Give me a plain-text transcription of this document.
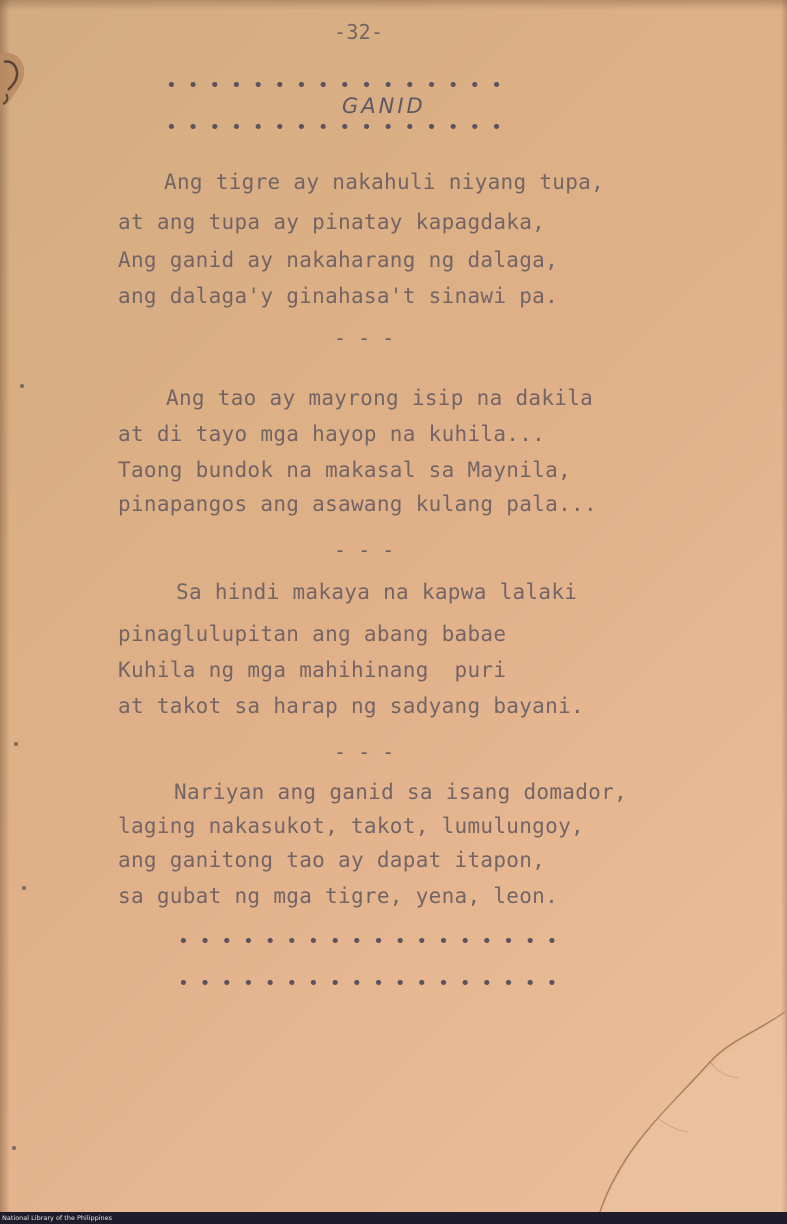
-32-
• • • • • • • • • • • • • • • •
GANID
• • • • • • • • • • • • • • • •
Ang tigre ay nakahuli niyang tupa,
at ang tupa ay pinatay kapagdaka,
Ang ganid ay nakaharang ng dalaga,
ang dalaga'y ginahasa't sinawi pa.
- - -
Ang tao ay mayrong isip na dakila
at di tayo mga hayop na kuhila...
Taong bundok na makasal sa Maynila,
pinapangos ang asawang kulang pala...
- - -
Sa hindi makaya na kapwa lalaki
pinaglulupitan ang abang babae
Kuhila ng mga mahihinang  puri
at takot sa harap ng sadyang bayani.
- - -
Nariyan ang ganid sa isang domador,
laging nakasukot, takot, lumulungoy,
ang ganitong tao ay dapat itapon,
sa gubat ng mga tigre, yena, leon.
• • • • • • • • • • • • • • • • • •
• • • • • • • • • • • • • • • • • •
National Library of the Philippines
